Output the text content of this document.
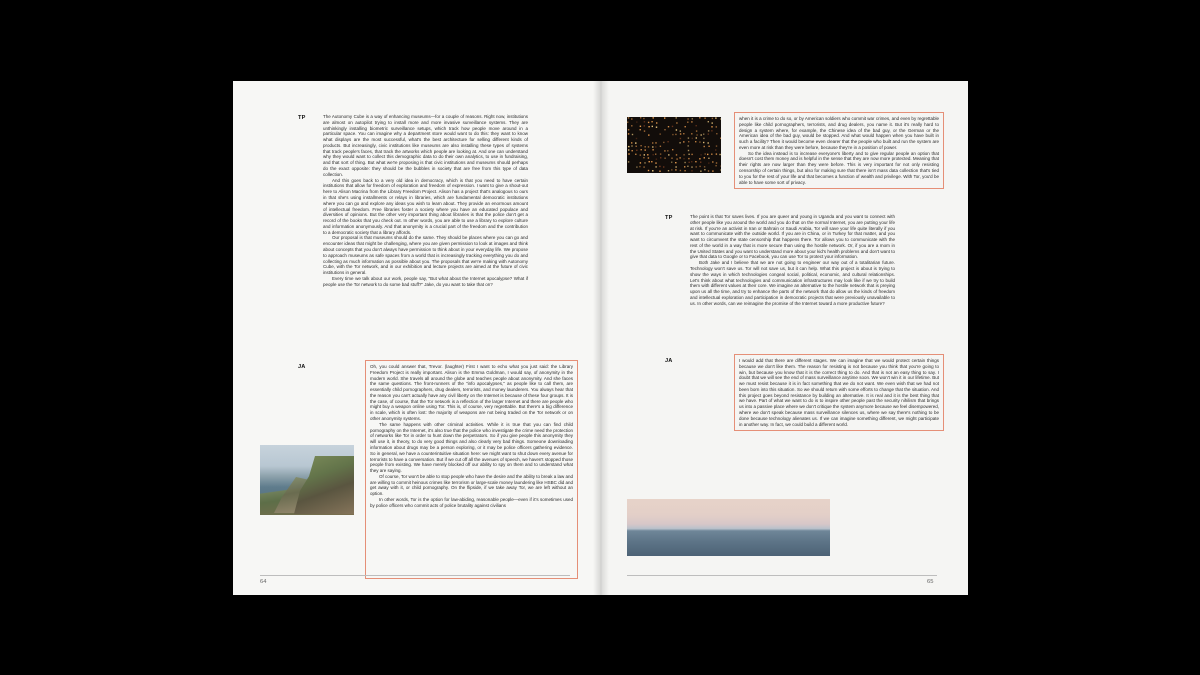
TP	The Autonomy Cube is a way of enhancing museums—for a couple of reasons. Right now, institutions are almost on autopilot trying to install more and more invasive surveillance systems. They are unthinkingly installing biometric surveillance setups, which track how people move around in a particular space. You can imagine why a department store would want to do this: they want to know what displays are the most successful, what's the best architecture for selling different kinds of products. But increasingly, civic institutions like museums are also installing these types of systems that track people's faces, that track the artworks which people are looking at. And one can understand why they would want to collect this demographic data to do their own analytics, to use in fundraising, and that sort of thing. But what we're proposing is that civic institutions and museums should perhaps do the exact opposite: they should be the bubbles in society that are free from this type of data collection.

And this goes back to a very old idea in democracy, which is that you need to have certain institutions that allow for freedom of exploration and freedom of expression. I want to give a shout-out here to Alison Macrina from the Library Freedom Project. Alison has a project that's analogous to ours in that she's using installments or relays in libraries, which are fundamental democratic institutions where you can go and explore any ideas you wish to learn about. They provide an enormous amount of intellectual freedom. Free libraries foster a society where you have an educated populace and diversities of opinions. But the other very important thing about libraries is that the police don't get a record of the books that you check out. In other words, you are able to use a library to explore culture and information anonymously. And that anonymity is a crucial part of the freedom and the contribution to a democratic society that a library affords.

Our proposal is that museums should do the same. They should be places where you can go and encounter ideas that might be challenging, where you are given permission to look at images and think about concepts that you don't always have permission to think about in your everyday life. We propose to approach museums as safe spaces from a world that is increasingly tracking everything you do and collecting as much information as possible about you. The proposals that we're making with Autonomy Cube, with the Tor network, and in our exhibition and lecture projects are aimed at the future of civic institutions in general.

Every time we talk about our work, people say, "But what about the Internet apocalypse? What if people use the Tor network to do some bad stuff?" Jake, do you want to take that on?

JA	Oh, you could answer that, Trevor. (laughter) First I want to echo what you just said: the Library Freedom Project is really important. Alison is the Emma Goldman, I would say, of anonymity in the modern world. She travels all around the globe and teaches people about anonymity. And she faces the same questions. The front-runners of the "info apocalypses," as people like to call them, are essentially child pornographers, drug dealers, terrorists, and money launderers. You always hear that the reason you can't actually have any civil liberty on the Internet is because of these four groups. It is the case, of course, that the Tor network is a reflection of the larger Internet and there are people who might buy a weapon online using Tor. This is, of course, very regrettable. But there's a big difference in scale, which is often lost: the majority of weapons are not being traded on the Tor network or on other anonymity systems.

The same happens with other criminal activities. While it is true that you can find child pornography on the Internet, it's also true that the police who investigate the crime need the protection of networks like Tor in order to hunt down the perpetrators. So if you give people this anonymity they will use it, in theory, to do very good things and also clearly very bad things. Someone downloading information about drugs may be a person exploring, or it may be police officers gathering evidence. So in general, we have a counterintuitive situation here: we might want to shut down every avenue for terrorists to have a conversation. But if we cut off all the avenues of speech, we haven't stopped those people from existing. We have merely blocked off our ability to spy on them and to understand what they are saying.

Of course, Tor won't be able to stop people who have the desire and the ability to break a law and are willing to commit heinous crimes like terrorism or large-scale money laundering like HSBC did and get away with it, or child pornography. On the flipside, if we take away Tor, we are left without an option.

In other words, Tor is the option for law-abiding, reasonable people—even if it's sometimes used by police officers who commit acts of police brutality against civilians

64

when it is a crime to do so, or by American soldiers who commit war crimes, and even by regrettable people like child pornographers, terrorists, and drug dealers, you name it. But it's really hard to design a system where, for example, the Chinese idea of the bad guy, or the German or the American idea of the bad guy, would be stopped. And what would happen when you have built in such a facility? Then it would become even clearer that the people who built and run the system are even more at risk than they were before, because they're in a position of power.

So the idea instead is to increase everyone's liberty and to give regular people an option that doesn't cost them money and is helpful in the sense that they are now more protected. Meaning that their rights are now larger than they were before. This is very important for not only resisting censorship of certain things, but also for making sure that there isn't mass data collection that's tied to you for the rest of your life and that becomes a function of wealth and privilege. With Tor, you'd be able to have some sort of privacy.

TP	The point is that Tor saves lives. If you are queer and young in Uganda and you want to connect with other people like you around the world and you do that on the normal Internet, you are putting your life at risk. If you're an activist in Iran or Bahrain or Saudi Arabia, Tor will save your life quite literally if you want to communicate with the outside world. If you are in China, or in Turkey for that matter, and you want to circumvent the state censorship that happens there. Tor allows you to communicate with the rest of the world in a way that is more secure than using the hostile network. Or, if you are a mom in the United States and you want to understand more about your kid's health problems and don't want to give that data to Google or to Facebook, you can use Tor to protect your information.

Both Jake and I believe that we are not going to engineer our way out of a totalitarian future. Technology won't save us. Tor will not save us, but it can help. What this project is about is trying to show the ways in which technologies congeal social, political, economic, and cultural relationships. Let's think about what technologies and communication infrastructures may look like if we try to build them with different values at their core. We imagine an alternative to the hostile network that is preying upon us all the time, and try to enhance the parts of the network that do allow us the kinds of freedom and intellectual exploration and participation in democratic projects that were previously unavailable to us. In other words, can we reimagine the promise of the Internet toward a more productive future?

JA	I would add that there are different stages. We can imagine that we would protect certain things because we don't like them. The reason for resisting is not because you think that you're going to win, but because you know that it is the correct thing to do. And that is not an easy thing to say. I doubt that we will see the end of mass surveillance anytime soon. We won't win it in our lifetime. But we must resist because it is in fact something that we do not want. We even wish that we had not been born into this situation. So we should return with some efforts to change that the situation. And this project goes beyond resistance by building an alternative. It is real and it is the best thing that we have. Part of what we want to do is to inspire other people past the security nihilism that brings us into a passive place where we don't critique the system anymore because we feel disempowered, where we don't speak because mass surveillance silences us, where we say there's nothing to be done because technology alienates us. If we can imagine something different, we might participate in another way. In fact, we could build a different world.

65
